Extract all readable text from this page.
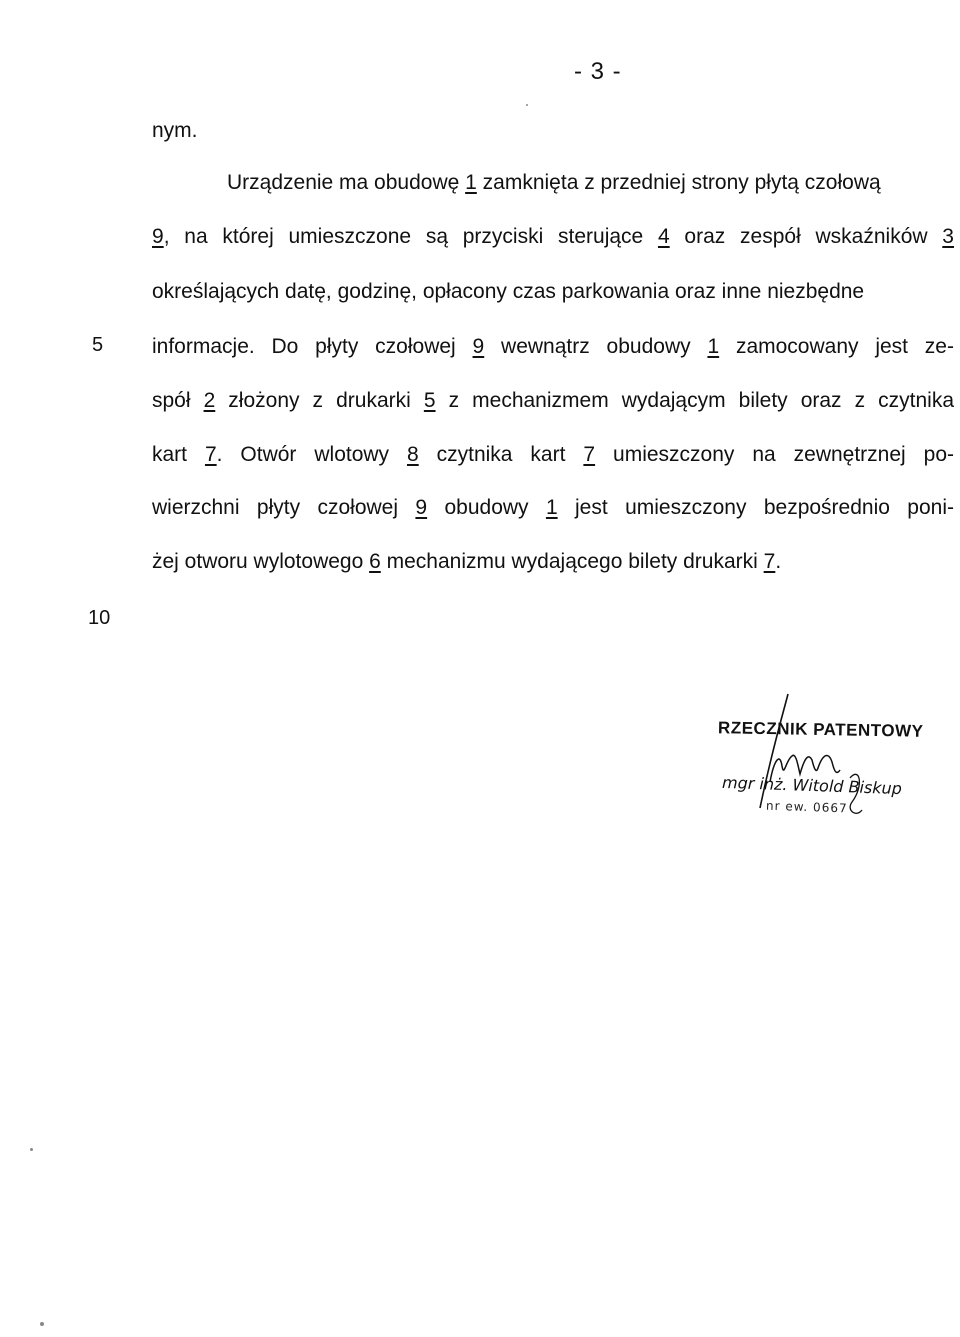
- 3 -
5
10
nym.
Urządzenie ma obudowę 1 zamknięta z przedniej strony płytą czołową
9, na której umieszczone są przyciski sterujące 4 oraz zespół wskaźników 3
określających datę, godzinę, opłacony czas parkowania oraz inne niezbędne
informacje. Do płyty czołowej 9 wewnątrz obudowy 1 zamocowany jest ze-
spół 2 złożony z drukarki 5 z mechanizmem wydającym bilety oraz z czytnika
kart 7. Otwór wlotowy 8 czytnika kart 7 umieszczony na zewnętrznej po-
wierzchni płyty czołowej 9 obudowy 1 jest umieszczony bezpośrednio poni-
żej otworu wylotowego 6 mechanizmu wydającego bilety drukarki 7.
RZECZNIK PATENTOWY
mgr inż. Witold Biskup
nr ew. 0667
